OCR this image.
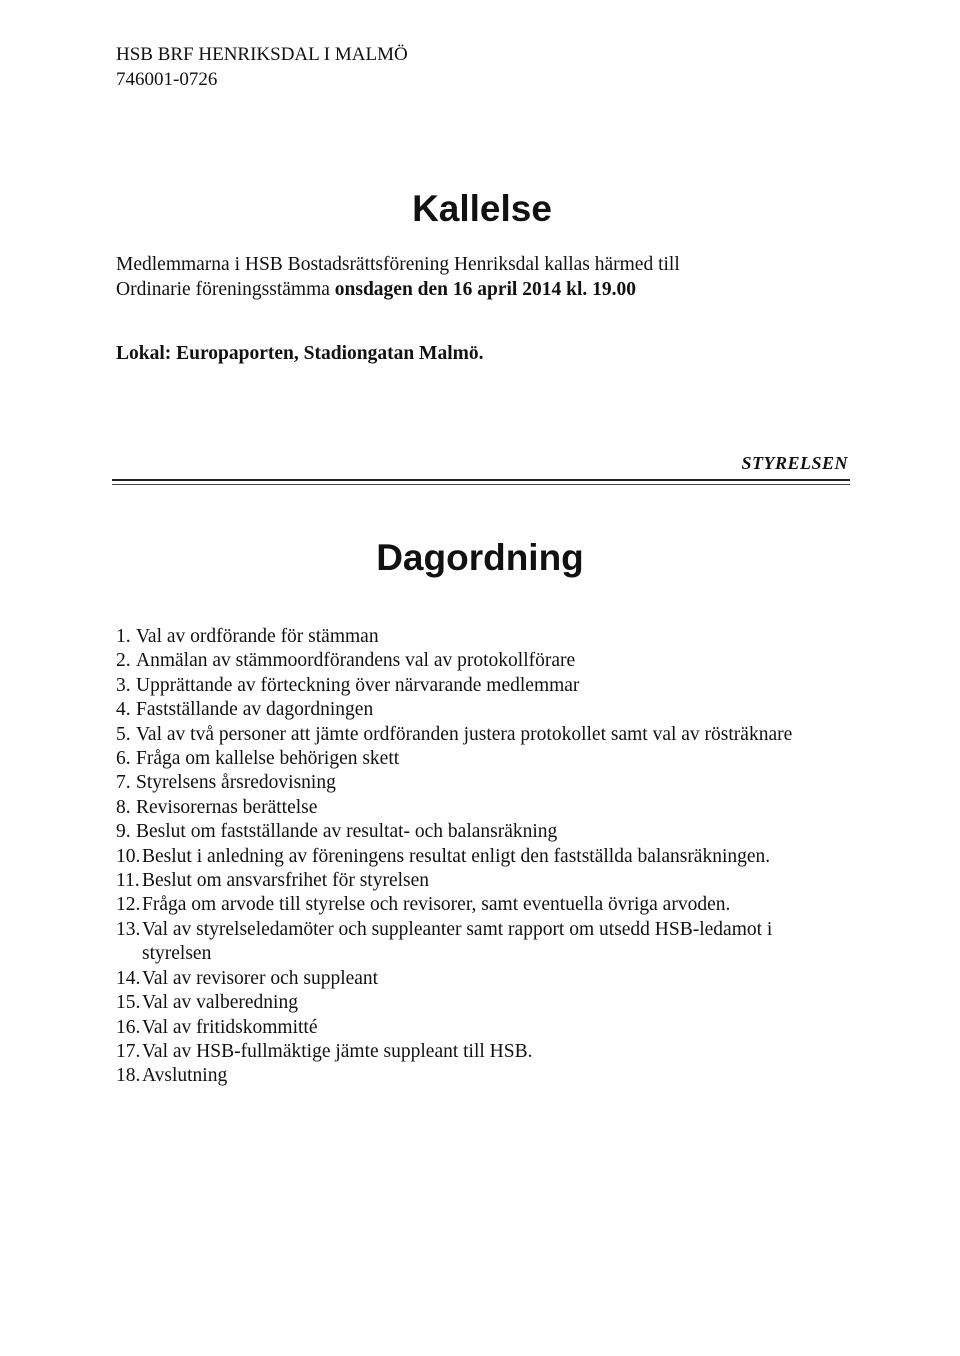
HSB BRF HENRIKSDAL I MALMÖ
746001-0726
Kallelse
Medlemmarna i HSB Bostadsrättsförening Henriksdal kallas härmed till
Ordinarie föreningsstämma onsdagen den 16 april 2014 kl. 19.00
Lokal: Europaporten, Stadiongatan Malmö.
STYRELSEN
Dagordning
1. Val av ordförande för stämman
2. Anmälan av stämmoordförandens val av protokollförare
3. Upprättande av förteckning över närvarande medlemmar
4. Fastställande av dagordningen
5. Val av två personer att jämte ordföranden justera protokollet samt val av rösträknare
6. Fråga om kallelse behörigen skett
7. Styrelsens årsredovisning
8. Revisorernas berättelse
9. Beslut om fastställande av resultat- och balansräkning
10. Beslut i anledning av föreningens resultat enligt den fastställda balansräkningen.
11. Beslut om ansvarsfrihet för styrelsen
12. Fråga om arvode till styrelse och revisorer, samt eventuella övriga arvoden.
13. Val av styrelseledamöter och suppleanter samt rapport om utsedd HSB-ledamot i styrelsen
14. Val av revisorer och suppleant
15. Val av valberedning
16. Val av fritidskommitté
17. Val av HSB-fullmäktige jämte suppleant till HSB.
18. Avslutning
